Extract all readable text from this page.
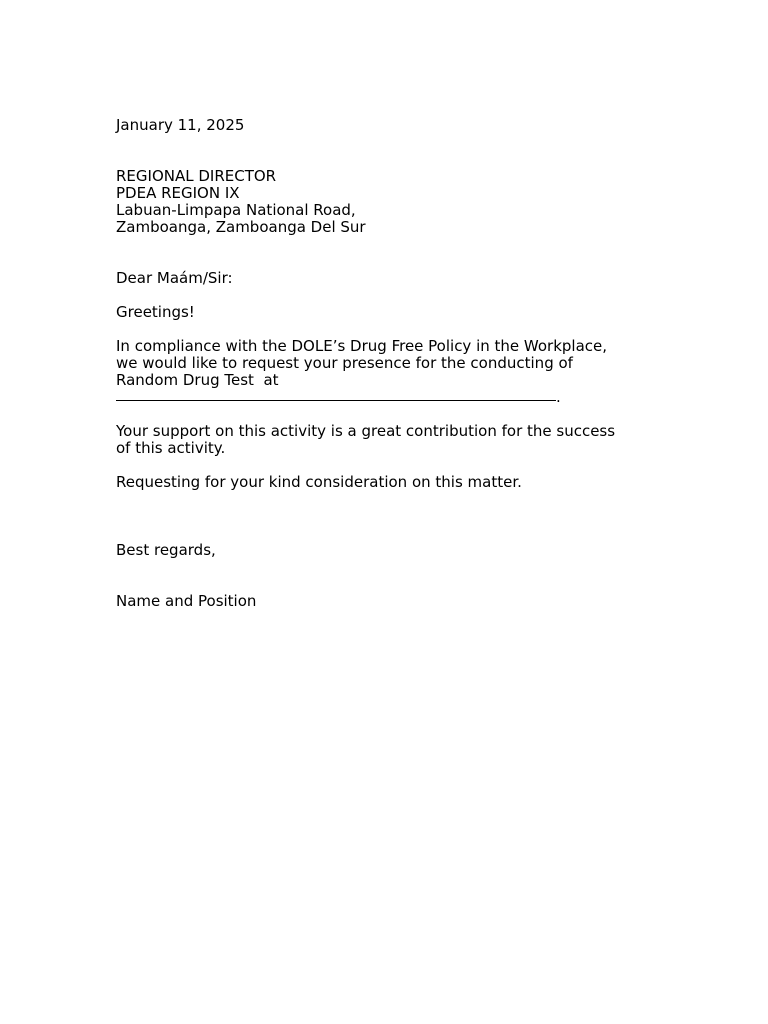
January 11, 2025
REGIONAL DIRECTOR
PDEA REGION IX
Labuan-Limpapa National Road,
Zamboanga, Zamboanga Del Sur
Dear Maám/Sir:
Greetings!
In compliance with the DOLE’s Drug Free Policy in the Workplace,
we would like to request your presence for the conducting of
Random Drug Test  at
.
Your support on this activity is a great contribution for the success
of this activity.
Requesting for your kind consideration on this matter.
Best regards,
Name and Position
